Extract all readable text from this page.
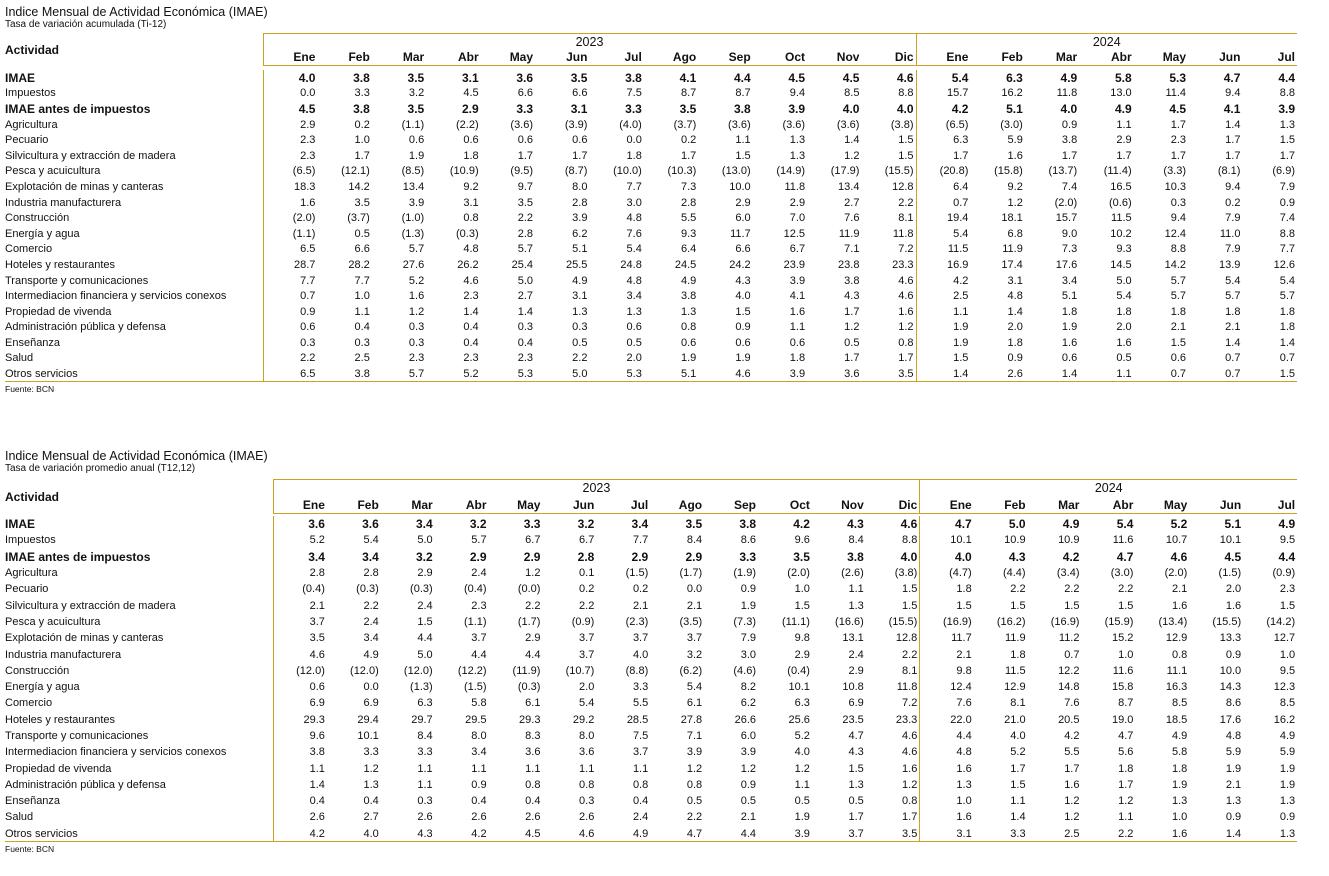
Indice Mensual de Actividad Económica (IMAE)
Tasa de variación acumulada (Ti-12)
Actividad	2023												2024						
	Ene	Feb	Mar	Abr	May	Jun	Jul	Ago	Sep	Oct	Nov	Dic	Ene	Feb	Mar	Abr	May	Jun	Jul

IMAE	4.0	3.8	3.5	3.1	3.6	3.5	3.8	4.1	4.4	4.5	4.5	4.6	5.4	6.3	4.9	5.8	5.3	4.7	4.4
Impuestos	0.0	3.3	3.2	4.5	6.6	6.6	7.5	8.7	8.7	9.4	8.5	8.8	15.7	16.2	11.8	13.0	11.4	9.4	8.8
IMAE antes de impuestos	4.5	3.8	3.5	2.9	3.3	3.1	3.3	3.5	3.8	3.9	4.0	4.0	4.2	5.1	4.0	4.9	4.5	4.1	3.9
Agricultura	2.9	0.2	(1.1)	(2.2)	(3.6)	(3.9)	(4.0)	(3.7)	(3.6)	(3.6)	(3.6)	(3.8)	(6.5)	(3.0)	0.9	1.1	1.7	1.4	1.3
Pecuario	2.3	1.0	0.6	0.6	0.6	0.6	0.0	0.2	1.1	1.3	1.4	1.5	6.3	5.9	3.8	2.9	2.3	1.7	1.5
Silvicultura y extracción de madera	2.3	1.7	1.9	1.8	1.7	1.7	1.8	1.7	1.5	1.3	1.2	1.5	1.7	1.6	1.7	1.7	1.7	1.7	1.7
Pesca y acuicultura	(6.5)	(12.1)	(8.5)	(10.9)	(9.5)	(8.7)	(10.0)	(10.3)	(13.0)	(14.9)	(17.9)	(15.5)	(20.8)	(15.8)	(13.7)	(11.4)	(3.3)	(8.1)	(6.9)
Explotación de minas y canteras	18.3	14.2	13.4	9.2	9.7	8.0	7.7	7.3	10.0	11.8	13.4	12.8	6.4	9.2	7.4	16.5	10.3	9.4	7.9
Industria manufacturera	1.6	3.5	3.9	3.1	3.5	2.8	3.0	2.8	2.9	2.9	2.7	2.2	0.7	1.2	(2.0)	(0.6)	0.3	0.2	0.9
Construcción	(2.0)	(3.7)	(1.0)	0.8	2.2	3.9	4.8	5.5	6.0	7.0	7.6	8.1	19.4	18.1	15.7	11.5	9.4	7.9	7.4
Energía y agua	(1.1)	0.5	(1.3)	(0.3)	2.8	6.2	7.6	9.3	11.7	12.5	11.9	11.8	5.4	6.8	9.0	10.2	12.4	11.0	8.8
Comercio	6.5	6.6	5.7	4.8	5.7	5.1	5.4	6.4	6.6	6.7	7.1	7.2	11.5	11.9	7.3	9.3	8.8	7.9	7.7
Hoteles y restaurantes	28.7	28.2	27.6	26.2	25.4	25.5	24.8	24.5	24.2	23.9	23.8	23.3	16.9	17.4	17.6	14.5	14.2	13.9	12.6
Transporte y comunicaciones	7.7	7.7	5.2	4.6	5.0	4.9	4.8	4.9	4.3	3.9	3.8	4.6	4.2	3.1	3.4	5.0	5.7	5.4	5.4
Intermediacion financiera y servicios conexos	0.7	1.0	1.6	2.3	2.7	3.1	3.4	3.8	4.0	4.1	4.3	4.6	2.5	4.8	5.1	5.4	5.7	5.7	5.7
Propiedad de vivenda	0.9	1.1	1.2	1.4	1.4	1.3	1.3	1.3	1.5	1.6	1.7	1.6	1.1	1.4	1.8	1.8	1.8	1.8	1.8
Administración pública y defensa	0.6	0.4	0.3	0.4	0.3	0.3	0.6	0.8	0.9	1.1	1.2	1.2	1.9	2.0	1.9	2.0	2.1	2.1	1.8
Enseñanza	0.3	0.3	0.3	0.4	0.4	0.5	0.5	0.6	0.6	0.6	0.5	0.8	1.9	1.8	1.6	1.6	1.5	1.4	1.4
Salud	2.2	2.5	2.3	2.3	2.3	2.2	2.0	1.9	1.9	1.8	1.7	1.7	1.5	0.9	0.6	0.5	0.6	0.7	0.7
Otros servicios	6.5	3.8	5.7	5.2	5.3	5.0	5.3	5.1	4.6	3.9	3.6	3.5	1.4	2.6	1.4	1.1	0.7	0.7	1.5
Fuente: BCN
Indice Mensual de Actividad Económica (IMAE)
Tasa de variación promedio anual (T12,12)
Actividad	2023												2024						
	Ene	Feb	Mar	Abr	May	Jun	Jul	Ago	Sep	Oct	Nov	Dic	Ene	Feb	Mar	Abr	May	Jun	Jul

IMAE	3.6	3.6	3.4	3.2	3.3	3.2	3.4	3.5	3.8	4.2	4.3	4.6	4.7	5.0	4.9	5.4	5.2	5.1	4.9
Impuestos	5.2	5.4	5.0	5.7	6.7	6.7	7.7	8.4	8.6	9.6	8.4	8.8	10.1	10.9	10.9	11.6	10.7	10.1	9.5
IMAE antes de impuestos	3.4	3.4	3.2	2.9	2.9	2.8	2.9	2.9	3.3	3.5	3.8	4.0	4.0	4.3	4.2	4.7	4.6	4.5	4.4
Agricultura	2.8	2.8	2.9	2.4	1.2	0.1	(1.5)	(1.7)	(1.9)	(2.0)	(2.6)	(3.8)	(4.7)	(4.4)	(3.4)	(3.0)	(2.0)	(1.5)	(0.9)
Pecuario	(0.4)	(0.3)	(0.3)	(0.4)	(0.0)	0.2	0.2	0.0	0.9	1.0	1.1	1.5	1.8	2.2	2.2	2.2	2.1	2.0	2.3
Silvicultura y extracción de madera	2.1	2.2	2.4	2.3	2.2	2.2	2.1	2.1	1.9	1.5	1.3	1.5	1.5	1.5	1.5	1.5	1.6	1.6	1.5
Pesca y acuicultura	3.7	2.4	1.5	(1.1)	(1.7)	(0.9)	(2.3)	(3.5)	(7.3)	(11.1)	(16.6)	(15.5)	(16.9)	(16.2)	(16.9)	(15.9)	(13.4)	(15.5)	(14.2)
Explotación de minas y canteras	3.5	3.4	4.4	3.7	2.9	3.7	3.7	3.7	7.9	9.8	13.1	12.8	11.7	11.9	11.2	15.2	12.9	13.3	12.7
Industria manufacturera	4.6	4.9	5.0	4.4	4.4	3.7	4.0	3.2	3.0	2.9	2.4	2.2	2.1	1.8	0.7	1.0	0.8	0.9	1.0
Construcción	(12.0)	(12.0)	(12.0)	(12.2)	(11.9)	(10.7)	(8.8)	(6.2)	(4.6)	(0.4)	2.9	8.1	9.8	11.5	12.2	11.6	11.1	10.0	9.5
Energía y agua	0.6	0.0	(1.3)	(1.5)	(0.3)	2.0	3.3	5.4	8.2	10.1	10.8	11.8	12.4	12.9	14.8	15.8	16.3	14.3	12.3
Comercio	6.9	6.9	6.3	5.8	6.1	5.4	5.5	6.1	6.2	6.3	6.9	7.2	7.6	8.1	7.6	8.7	8.5	8.6	8.5
Hoteles y restaurantes	29.3	29.4	29.7	29.5	29.3	29.2	28.5	27.8	26.6	25.6	23.5	23.3	22.0	21.0	20.5	19.0	18.5	17.6	16.2
Transporte y comunicaciones	9.6	10.1	8.4	8.0	8.3	8.0	7.5	7.1	6.0	5.2	4.7	4.6	4.4	4.0	4.2	4.7	4.9	4.8	4.9
Intermediacion financiera y servicios conexos	3.8	3.3	3.3	3.4	3.6	3.6	3.7	3.9	3.9	4.0	4.3	4.6	4.8	5.2	5.5	5.6	5.8	5.9	5.9
Propiedad de vivenda	1.1	1.2	1.1	1.1	1.1	1.1	1.1	1.2	1.2	1.2	1.5	1.6	1.6	1.7	1.7	1.8	1.8	1.9	1.9
Administración pública y defensa	1.4	1.3	1.1	0.9	0.8	0.8	0.8	0.8	0.9	1.1	1.3	1.2	1.3	1.5	1.6	1.7	1.9	2.1	1.9
Enseñanza	0.4	0.4	0.3	0.4	0.4	0.3	0.4	0.5	0.5	0.5	0.5	0.8	1.0	1.1	1.2	1.2	1.3	1.3	1.3
Salud	2.6	2.7	2.6	2.6	2.6	2.6	2.4	2.2	2.1	1.9	1.7	1.7	1.6	1.4	1.2	1.1	1.0	0.9	0.9
Otros servicios	4.2	4.0	4.3	4.2	4.5	4.6	4.9	4.7	4.4	3.9	3.7	3.5	3.1	3.3	2.5	2.2	1.6	1.4	1.3
Fuente: BCN
